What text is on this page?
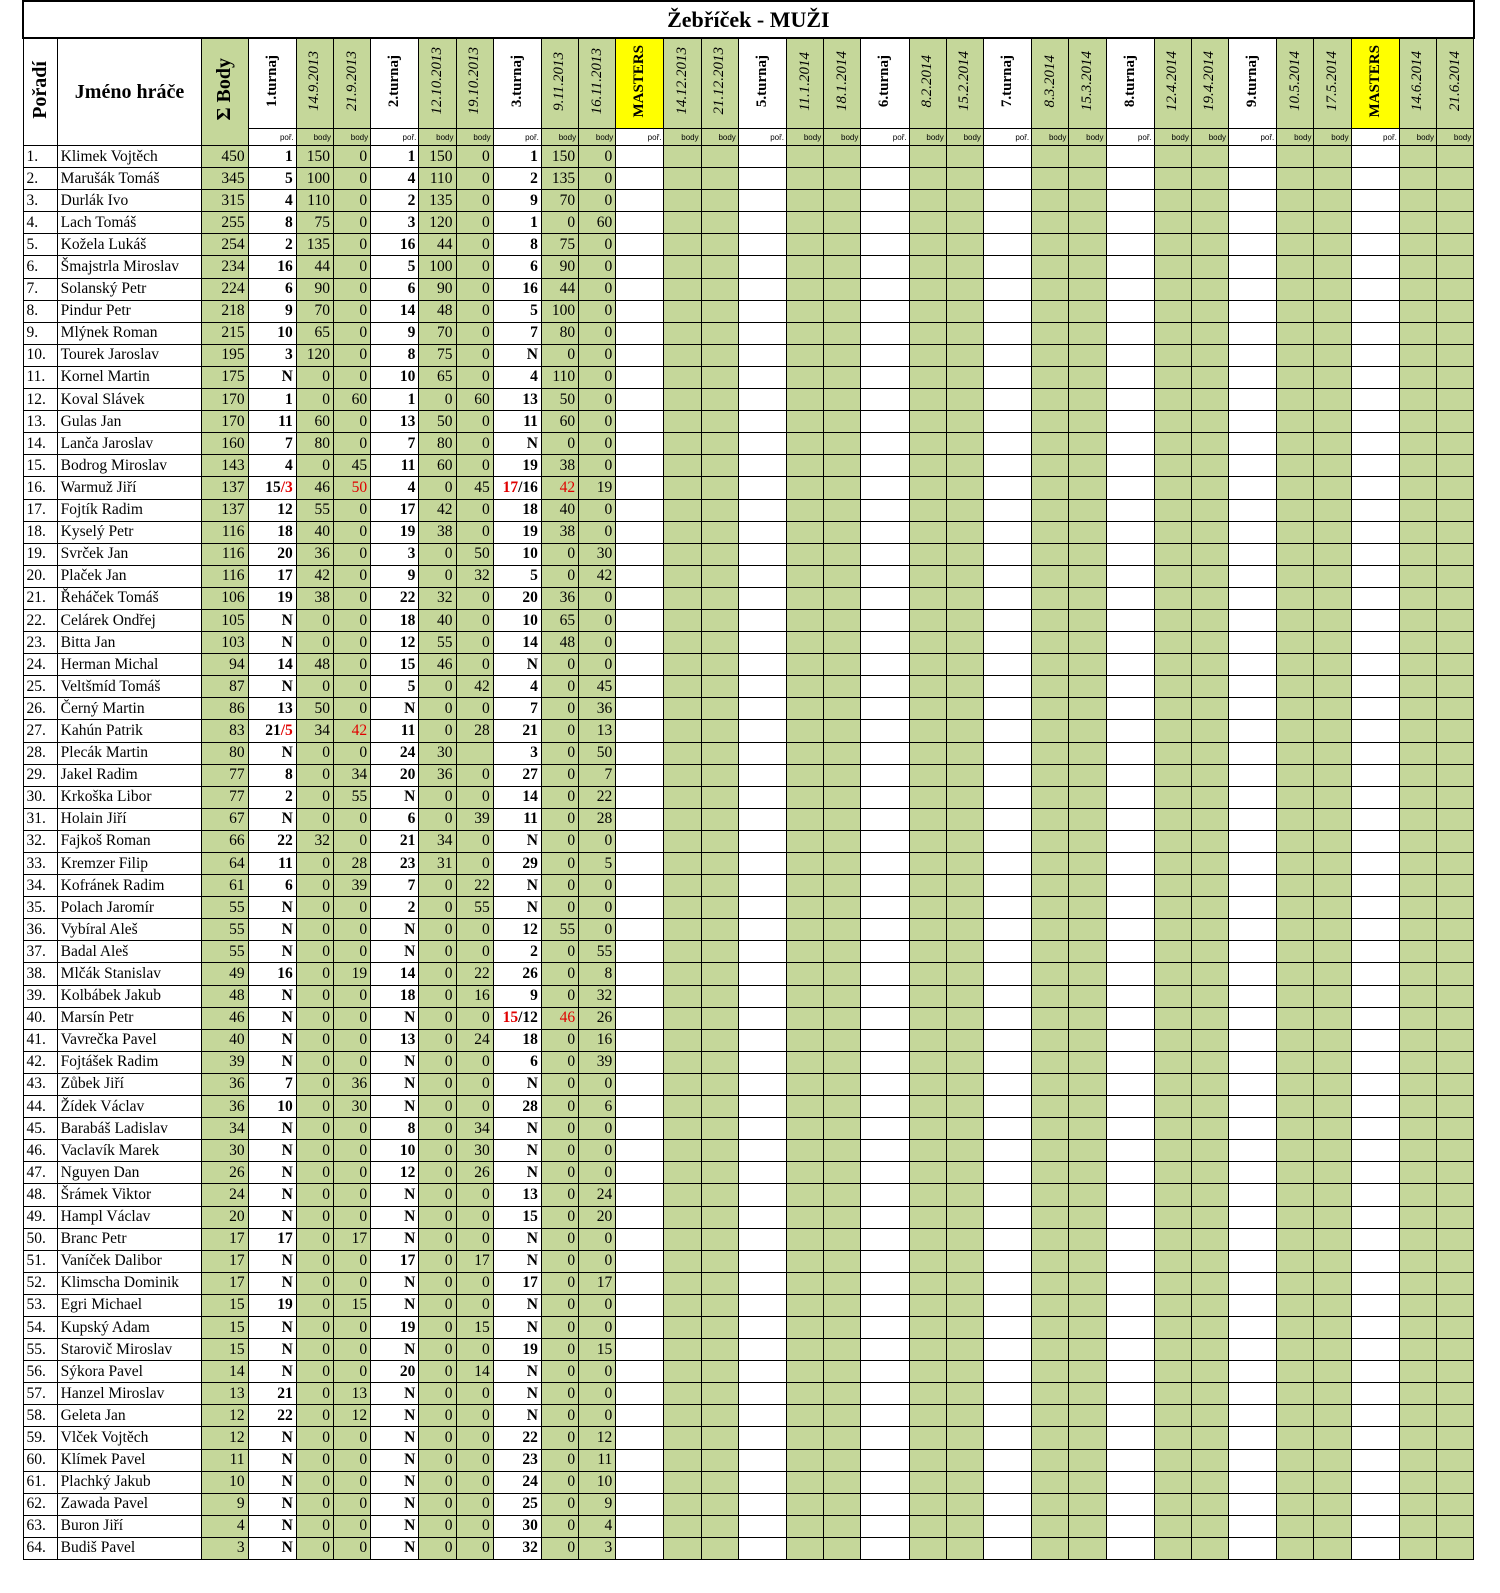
Žebříček - MUŽI																																
Pořadí	Jméno hráče	Σ Body	1.turnaj	14.9.2013	21.9.2013	2.turnaj	12.10.2013	19.10.2013	3.turnaj	9.11.2013	16.11.2013	MASTERS	14.12.2013	21.12.2013	5.turnaj	11.1.2014	18.1.2014	6.turnaj	8.2.2014	15.2.2014	7.turnaj	8.3.2014	15.3.2014	8.turnaj	12.4.2014	19.4.2014	9.turnaj	10.5.2014	17.5.2014	MASTERS	14.6.2014	21.6.2014
			poř.	body	body	poř.	body	body	poř.	body	body	poř.	body	body	poř.	body	body	poř.	body	body	poř.	body	body	poř.	body	body	poř.	body	body	poř.	body	body
1.	Klimek Vojtěch	450	1	150	0	1	150	0	1	150	0																					
2.	Marušák Tomáš	345	5	100	0	4	110	0	2	135	0																					
3.	Durlák Ivo	315	4	110	0	2	135	0	9	70	0																					
4.	Lach Tomáš	255	8	75	0	3	120	0	1	0	60																					
5.	Kožela Lukáš	254	2	135	0	16	44	0	8	75	0																					
6.	Šmajstrla Miroslav	234	16	44	0	5	100	0	6	90	0																					
7.	Solanský Petr	224	6	90	0	6	90	0	16	44	0																					
8.	Pindur Petr	218	9	70	0	14	48	0	5	100	0																					
9.	Mlýnek Roman	215	10	65	0	9	70	0	7	80	0																					
10.	Tourek Jaroslav	195	3	120	0	8	75	0	N	0	0																					
11.	Kornel Martin	175	N	0	0	10	65	0	4	110	0																					
12.	Koval Slávek	170	1	0	60	1	0	60	13	50	0																					
13.	Gulas Jan	170	11	60	0	13	50	0	11	60	0																					
14.	Lanča Jaroslav	160	7	80	0	7	80	0	N	0	0																					
15.	Bodrog Miroslav	143	4	0	45	11	60	0	19	38	0																					
16.	Warmuž Jiří	137	15/3	46	50	4	0	45	17/16	42	19																					
17.	Fojtík Radim	137	12	55	0	17	42	0	18	40	0																					
18.	Kyselý Petr	116	18	40	0	19	38	0	19	38	0																					
19.	Svrček Jan	116	20	36	0	3	0	50	10	0	30																					
20.	Plaček Jan	116	17	42	0	9	0	32	5	0	42																					
21.	Řeháček Tomáš	106	19	38	0	22	32	0	20	36	0																					
22.	Celárek Ondřej	105	N	0	0	18	40	0	10	65	0																					
23.	Bitta Jan	103	N	0	0	12	55	0	14	48	0																					
24.	Herman Michal	94	14	48	0	15	46	0	N	0	0																					
25.	Veltšmíd Tomáš	87	N	0	0	5	0	42	4	0	45																					
26.	Černý Martin	86	13	50	0	N	0	0	7	0	36																					
27.	Kahún Patrik	83	21/5	34	42	11	0	28	21	0	13																					
28.	Plecák Martin	80	N	0	0	24	30		3	0	50																					
29.	Jakel Radim	77	8	0	34	20	36	0	27	0	7																					
30.	Krkoška Libor	77	2	0	55	N	0	0	14	0	22																					
31.	Holain Jiří	67	N	0	0	6	0	39	11	0	28																					
32.	Fajkoš Roman	66	22	32	0	21	34	0	N	0	0																					
33.	Kremzer Filip	64	11	0	28	23	31	0	29	0	5																					
34.	Kofránek Radim	61	6	0	39	7	0	22	N	0	0																					
35.	Polach Jaromír	55	N	0	0	2	0	55	N	0	0																					
36.	Vybíral Aleš	55	N	0	0	N	0	0	12	55	0																					
37.	Badal Aleš	55	N	0	0	N	0	0	2	0	55																					
38.	Mlčák Stanislav	49	16	0	19	14	0	22	26	0	8																					
39.	Kolbábek Jakub	48	N	0	0	18	0	16	9	0	32																					
40.	Marsín Petr	46	N	0	0	N	0	0	15/12	46	26																					
41.	Vavrečka Pavel	40	N	0	0	13	0	24	18	0	16																					
42.	Fojtášek Radim	39	N	0	0	N	0	0	6	0	39																					
43.	Zůbek Jiří	36	7	0	36	N	0	0	N	0	0																					
44.	Žídek Václav	36	10	0	30	N	0	0	28	0	6																					
45.	Barabáš Ladislav	34	N	0	0	8	0	34	N	0	0																					
46.	Vaclavík Marek	30	N	0	0	10	0	30	N	0	0																					
47.	Nguyen Dan	26	N	0	0	12	0	26	N	0	0																					
48.	Šrámek Viktor	24	N	0	0	N	0	0	13	0	24																					
49.	Hampl Václav	20	N	0	0	N	0	0	15	0	20																					
50.	Branc Petr	17	17	0	17	N	0	0	N	0	0																					
51.	Vaníček Dalibor	17	N	0	0	17	0	17	N	0	0																					
52.	Klimscha Dominik	17	N	0	0	N	0	0	17	0	17																					
53.	Egri Michael	15	19	0	15	N	0	0	N	0	0																					
54.	Kupský Adam	15	N	0	0	19	0	15	N	0	0																					
55.	Starovič Miroslav	15	N	0	0	N	0	0	19	0	15																					
56.	Sýkora Pavel	14	N	0	0	20	0	14	N	0	0																					
57.	Hanzel Miroslav	13	21	0	13	N	0	0	N	0	0																					
58.	Geleta Jan	12	22	0	12	N	0	0	N	0	0																					
59.	Vlček Vojtěch	12	N	0	0	N	0	0	22	0	12																					
60.	Klímek Pavel	11	N	0	0	N	0	0	23	0	11																					
61.	Plachký Jakub	10	N	0	0	N	0	0	24	0	10																					
62.	Zawada Pavel	9	N	0	0	N	0	0	25	0	9																					
63.	Buron Jiří	4	N	0	0	N	0	0	30	0	4																					
64.	Budiš Pavel	3	N	0	0	N	0	0	32	0	3																					
